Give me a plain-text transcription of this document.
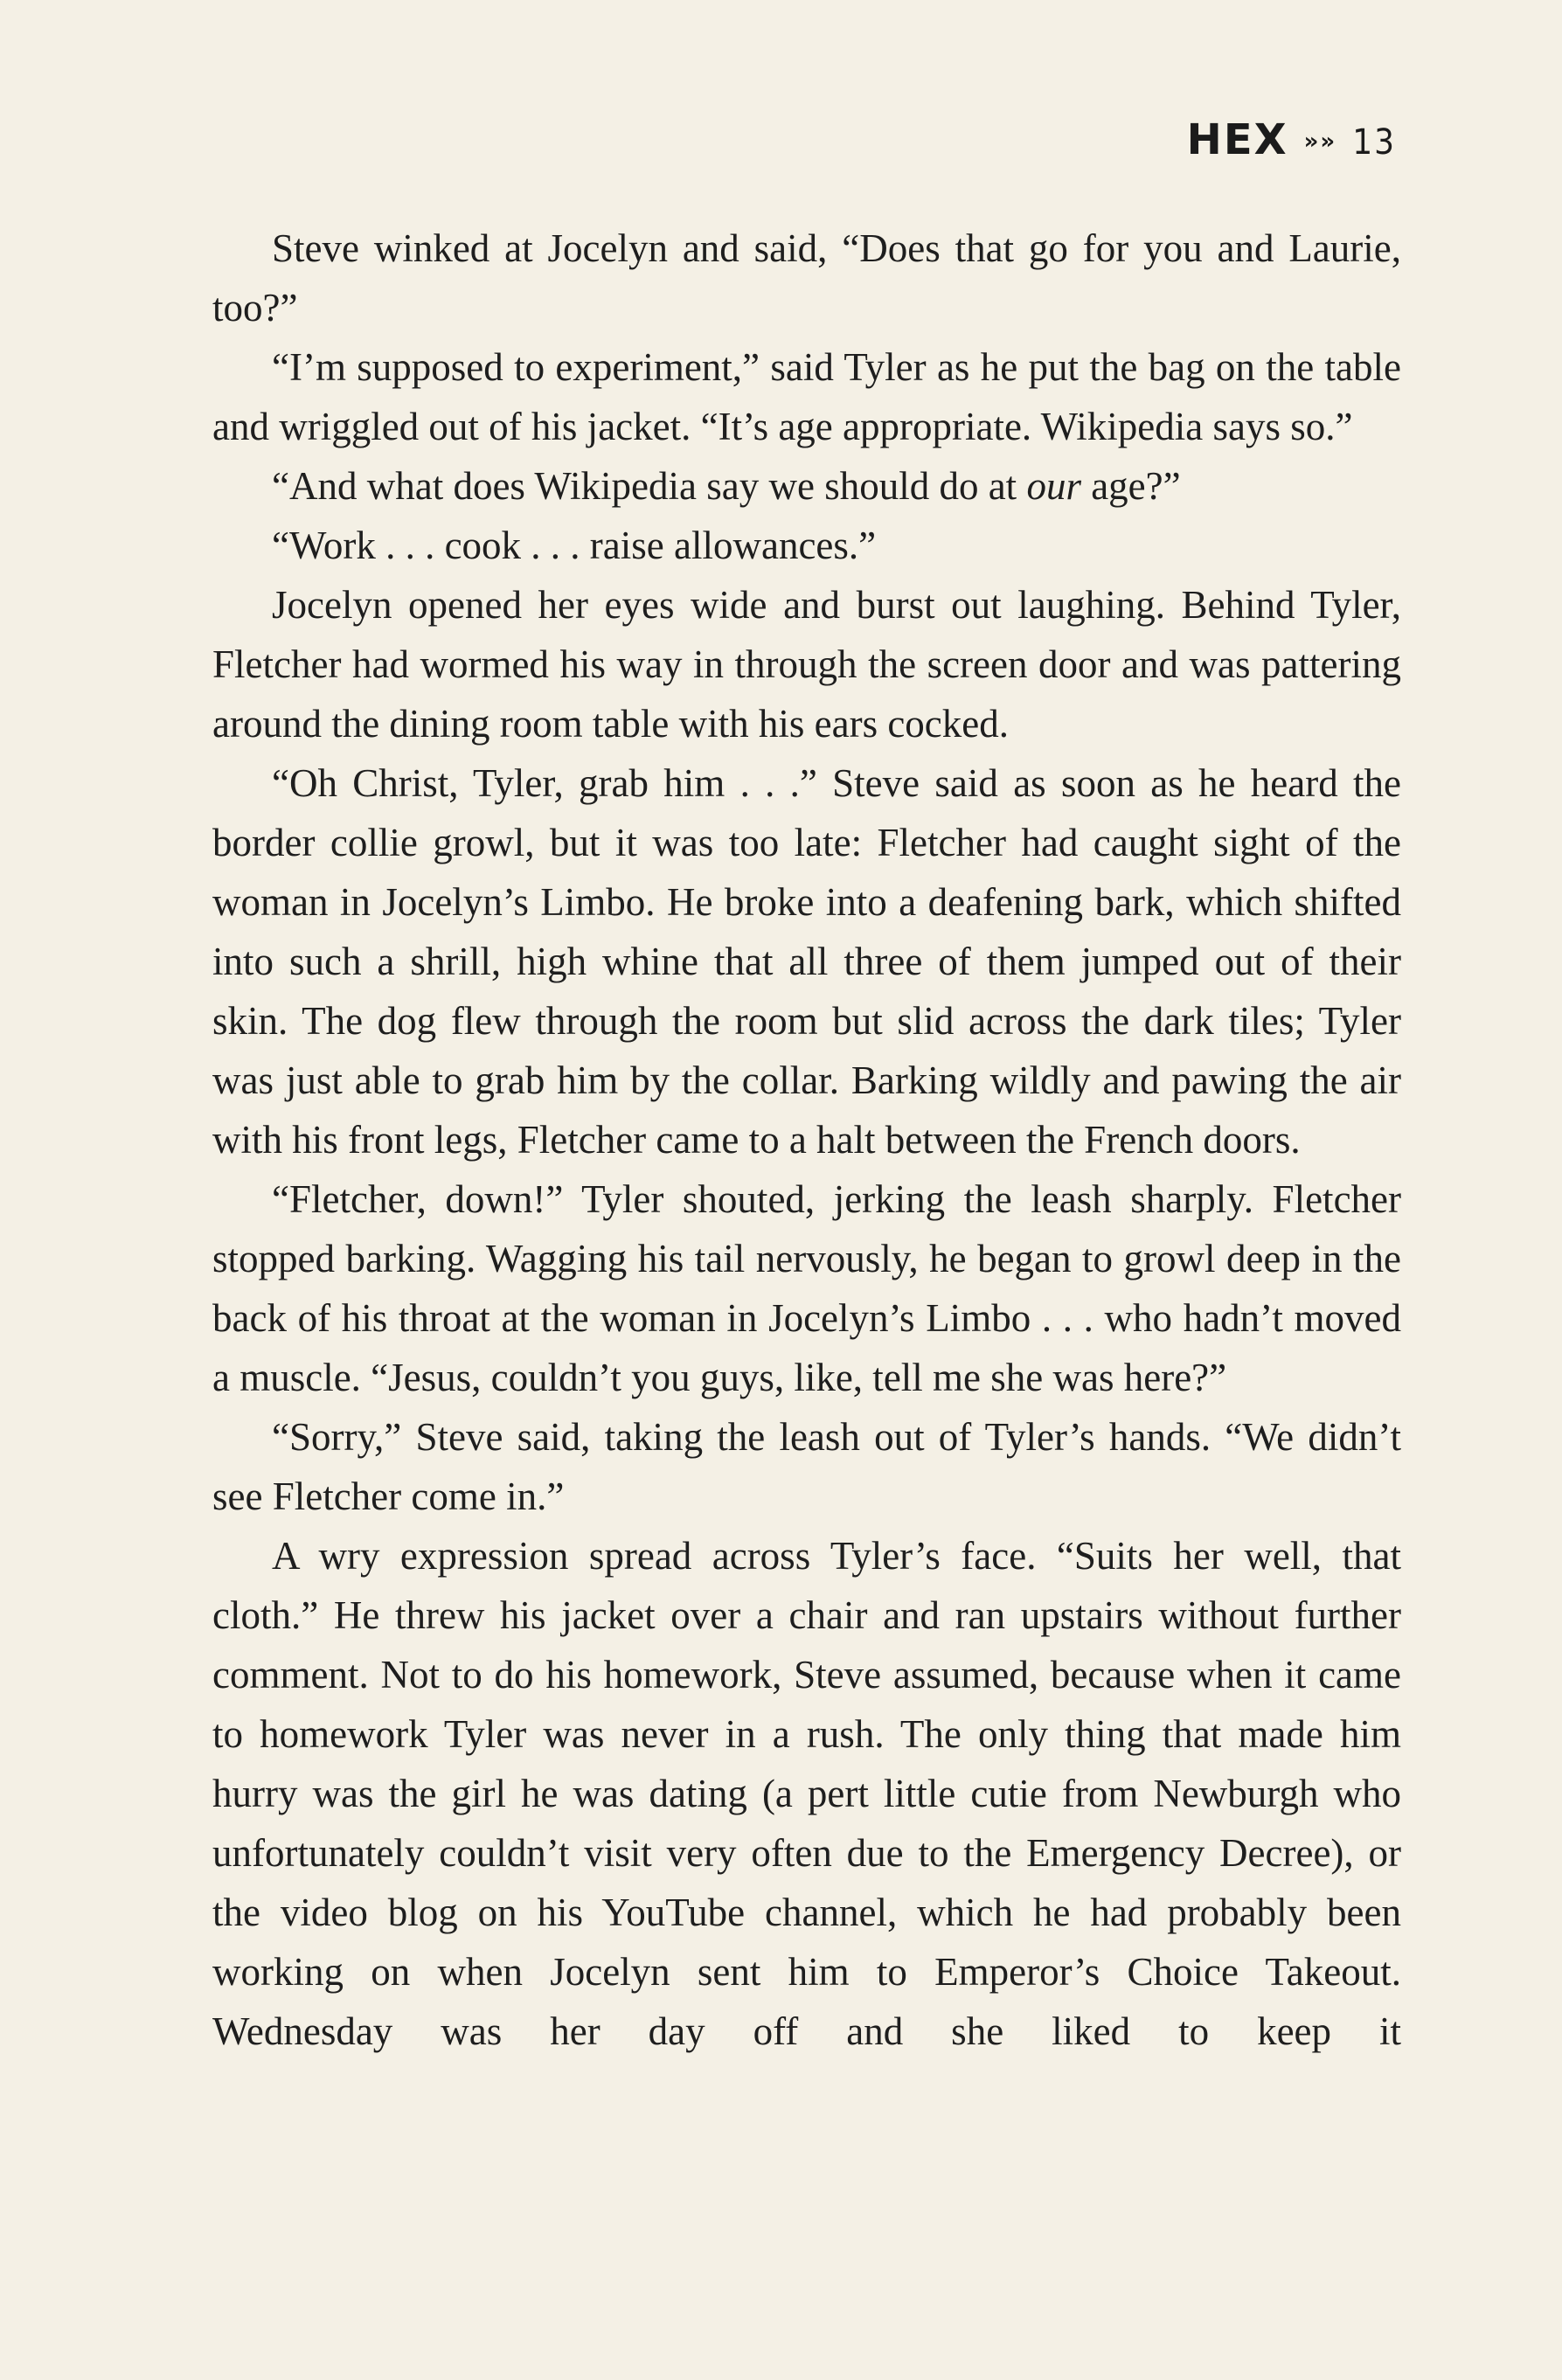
HEX »» 13

Steve winked at Jocelyn and said, “Does that go for you and Laurie, too?”

“I’m supposed to experiment,” said Tyler as he put the bag on the table and wriggled out of his jacket. “It’s age appropriate. Wikipedia says so.”

“And what does Wikipedia say we should do at our age?”

“Work . . . cook . . . raise allowances.”

Jocelyn opened her eyes wide and burst out laughing. Behind Tyler, Fletcher had wormed his way in through the screen door and was pattering around the dining room table with his ears cocked.

“Oh Christ, Tyler, grab him . . .” Steve said as soon as he heard the border collie growl, but it was too late: Fletcher had caught sight of the woman in Jocelyn’s Limbo. He broke into a deafening bark, which shifted into such a shrill, high whine that all three of them jumped out of their skin. The dog flew through the room but slid across the dark tiles; Tyler was just able to grab him by the collar. Barking wildly and pawing the air with his front legs, Fletcher came to a halt between the French doors.

“Fletcher, down!” Tyler shouted, jerking the leash sharply. Fletcher stopped barking. Wagging his tail nervously, he began to growl deep in the back of his throat at the woman in Jocelyn’s Limbo . . . who hadn’t moved a muscle. “Jesus, couldn’t you guys, like, tell me she was here?”

“Sorry,” Steve said, taking the leash out of Tyler’s hands. “We didn’t see Fletcher come in.”

A wry expression spread across Tyler’s face. “Suits her well, that cloth.” He threw his jacket over a chair and ran upstairs without further comment. Not to do his homework, Steve assumed, because when it came to homework Tyler was never in a rush. The only thing that made him hurry was the girl he was dating (a pert little cutie from Newburgh who unfortunately couldn’t visit very often due to the Emergency Decree), or the video blog on his YouTube channel, which he had probably been working on when Jocelyn sent him to Emperor’s Choice Takeout. Wednesday was her day off and she liked to keep it
